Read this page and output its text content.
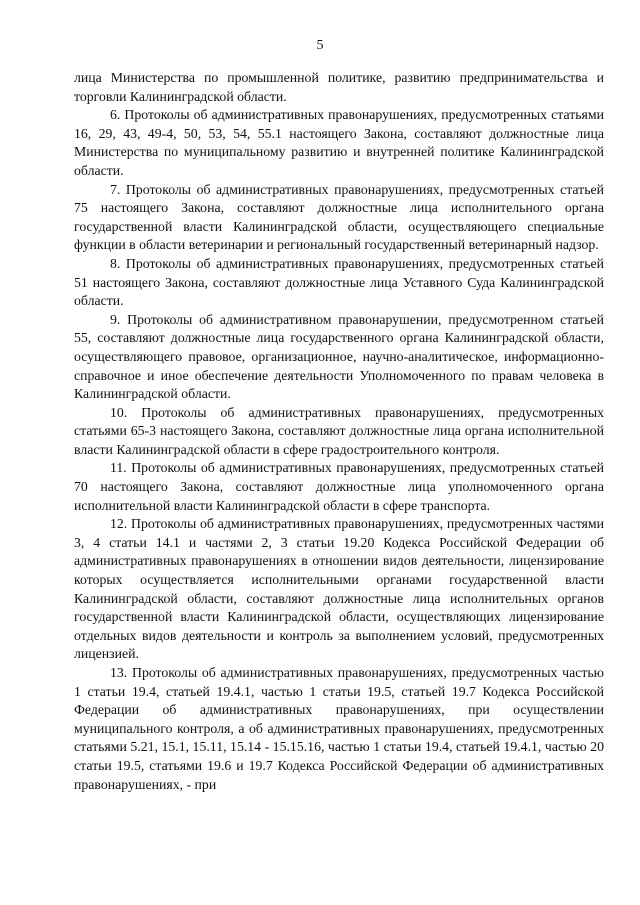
5

лица Министерства по промышленной политике, развитию предпринимательства и торговли Калининградской области.

6. Протоколы об административных правонарушениях, предусмотренных статьями 16, 29, 43, 49-4, 50, 53, 54, 55.1 настоящего Закона, составляют должностные лица Министерства по муниципальному развитию и внутренней политике Калининградской области.

7. Протоколы об административных правонарушениях, предусмотренных статьей 75 настоящего Закона, составляют должностные лица исполнительного органа государственной власти Калининградской области, осуществляющего специальные функции в области ветеринарии и региональный государственный ветеринарный надзор.

8. Протоколы об административных правонарушениях, предусмотренных статьей 51 настоящего Закона, составляют должностные лица Уставного Суда Калининградской области.

9. Протоколы об административном правонарушении, предусмотренном статьей 55, составляют должностные лица государственного органа Калининградской области, осуществляющего правовое, организационное, научно-аналитическое, информационно-справочное и иное обеспечение деятельности Уполномоченного по правам человека в Калининградской области.

10. Протоколы об административных правонарушениях, предусмотренных статьями 65-3 настоящего Закона, составляют должностные лица органа исполнительной власти Калининградской области в сфере градостроительного контроля.

11. Протоколы об административных правонарушениях, предусмотренных статьей 70 настоящего Закона, составляют должностные лица уполномоченного органа исполнительной власти Калининградской области в сфере транспорта.

12. Протоколы об административных правонарушениях, предусмотренных частями 3, 4 статьи 14.1 и частями 2, 3 статьи 19.20 Кодекса Российской Федерации об административных правонарушениях в отношении видов деятельности, лицензирование которых осуществляется исполнительными органами государственной власти Калининградской области, составляют должностные лица исполнительных органов государственной власти Калининградской области, осуществляющих лицензирование отдельных видов деятельности и контроль за выполнением условий, предусмотренных лицензией.

13. Протоколы об административных правонарушениях, предусмотренных частью 1 статьи 19.4, статьей 19.4.1, частью 1 статьи 19.5, статьей 19.7 Кодекса Российской Федерации об административных правонарушениях, при осуществлении муниципального контроля, а об административных правонарушениях, предусмотренных статьями 5.21, 15.1, 15.11, 15.14 - 15.15.16, частью 1 статьи 19.4, статьей 19.4.1, частью 20 статьи 19.5, статьями 19.6 и 19.7 Кодекса Российской Федерации об административных правонарушениях, - при
